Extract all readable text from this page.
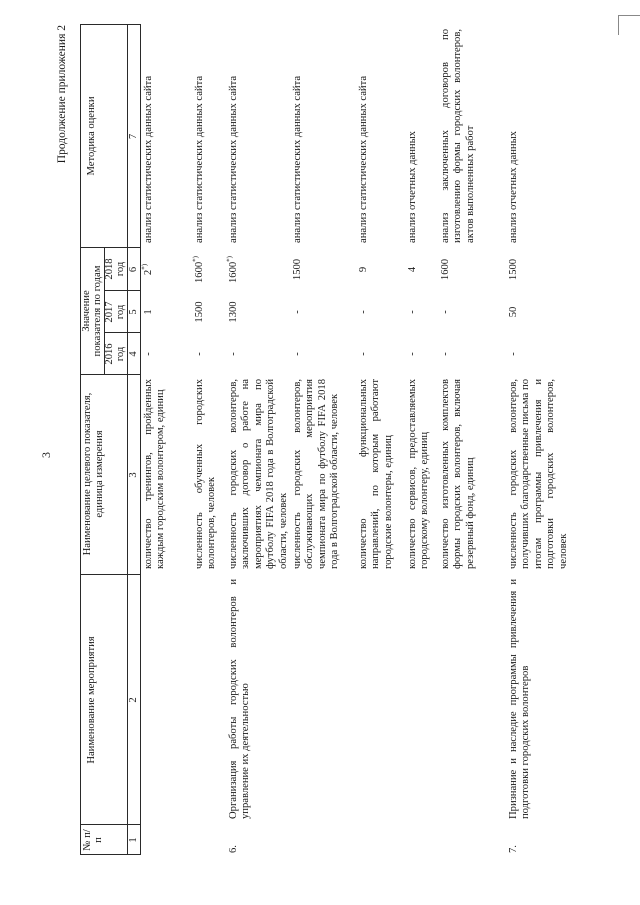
3
Продолжение приложения 2
№ п/п
Наименование мероприятия
Наименование целевого показателя, единица измерения
Значение показателя по годам 2016 год
2017 год
2018 год
Методика оценки
1
2
3
4
5
6
7
количество тренингов, пройденных каждым городским волонтером, единиц
-
1
2*)
анализ статистических данных сайта
численность обученных городских волонтеров, человек
-
1500
1600*)
анализ статистических данных сайта
6.
Организация работы городских волонтеров и управление их деятельностью
численность городских волонтеров, заключивших договор о работе на мероприятиях чемпионата мира по футболу FIFA 2018 года в Волгоградской области, человек
-
1300
1600*)
анализ статистических данных сайта
численность городских волонтеров, обслуживающих мероприятия чемпионата мира по футболу FIFA 2018 года в Волгоградской области, человек
-
-
1500
анализ статистических данных сайта
количество функциональных направлений, по которым работают городские волонтеры, единиц
-
-
9
анализ статистических данных сайта
количество сервисов, предоставляемых городскому волонтеру, единиц
-
-
4
анализ отчетных данных
количество изготовленных комплектов формы городских волонтеров, включая резервный фонд, единиц
-
-
1600
анализ заключенных договоров по изготовлению формы городских волонтеров, актов выполненных работ
7.
Признание и наследие программы привлечения и подготовки городских волонтеров
численность городских волонтеров, получивших благодарственные письма по итогам программы привлечения и подготовки городских волонтеров, человек
-
50
1500
анализ отчетных данных
